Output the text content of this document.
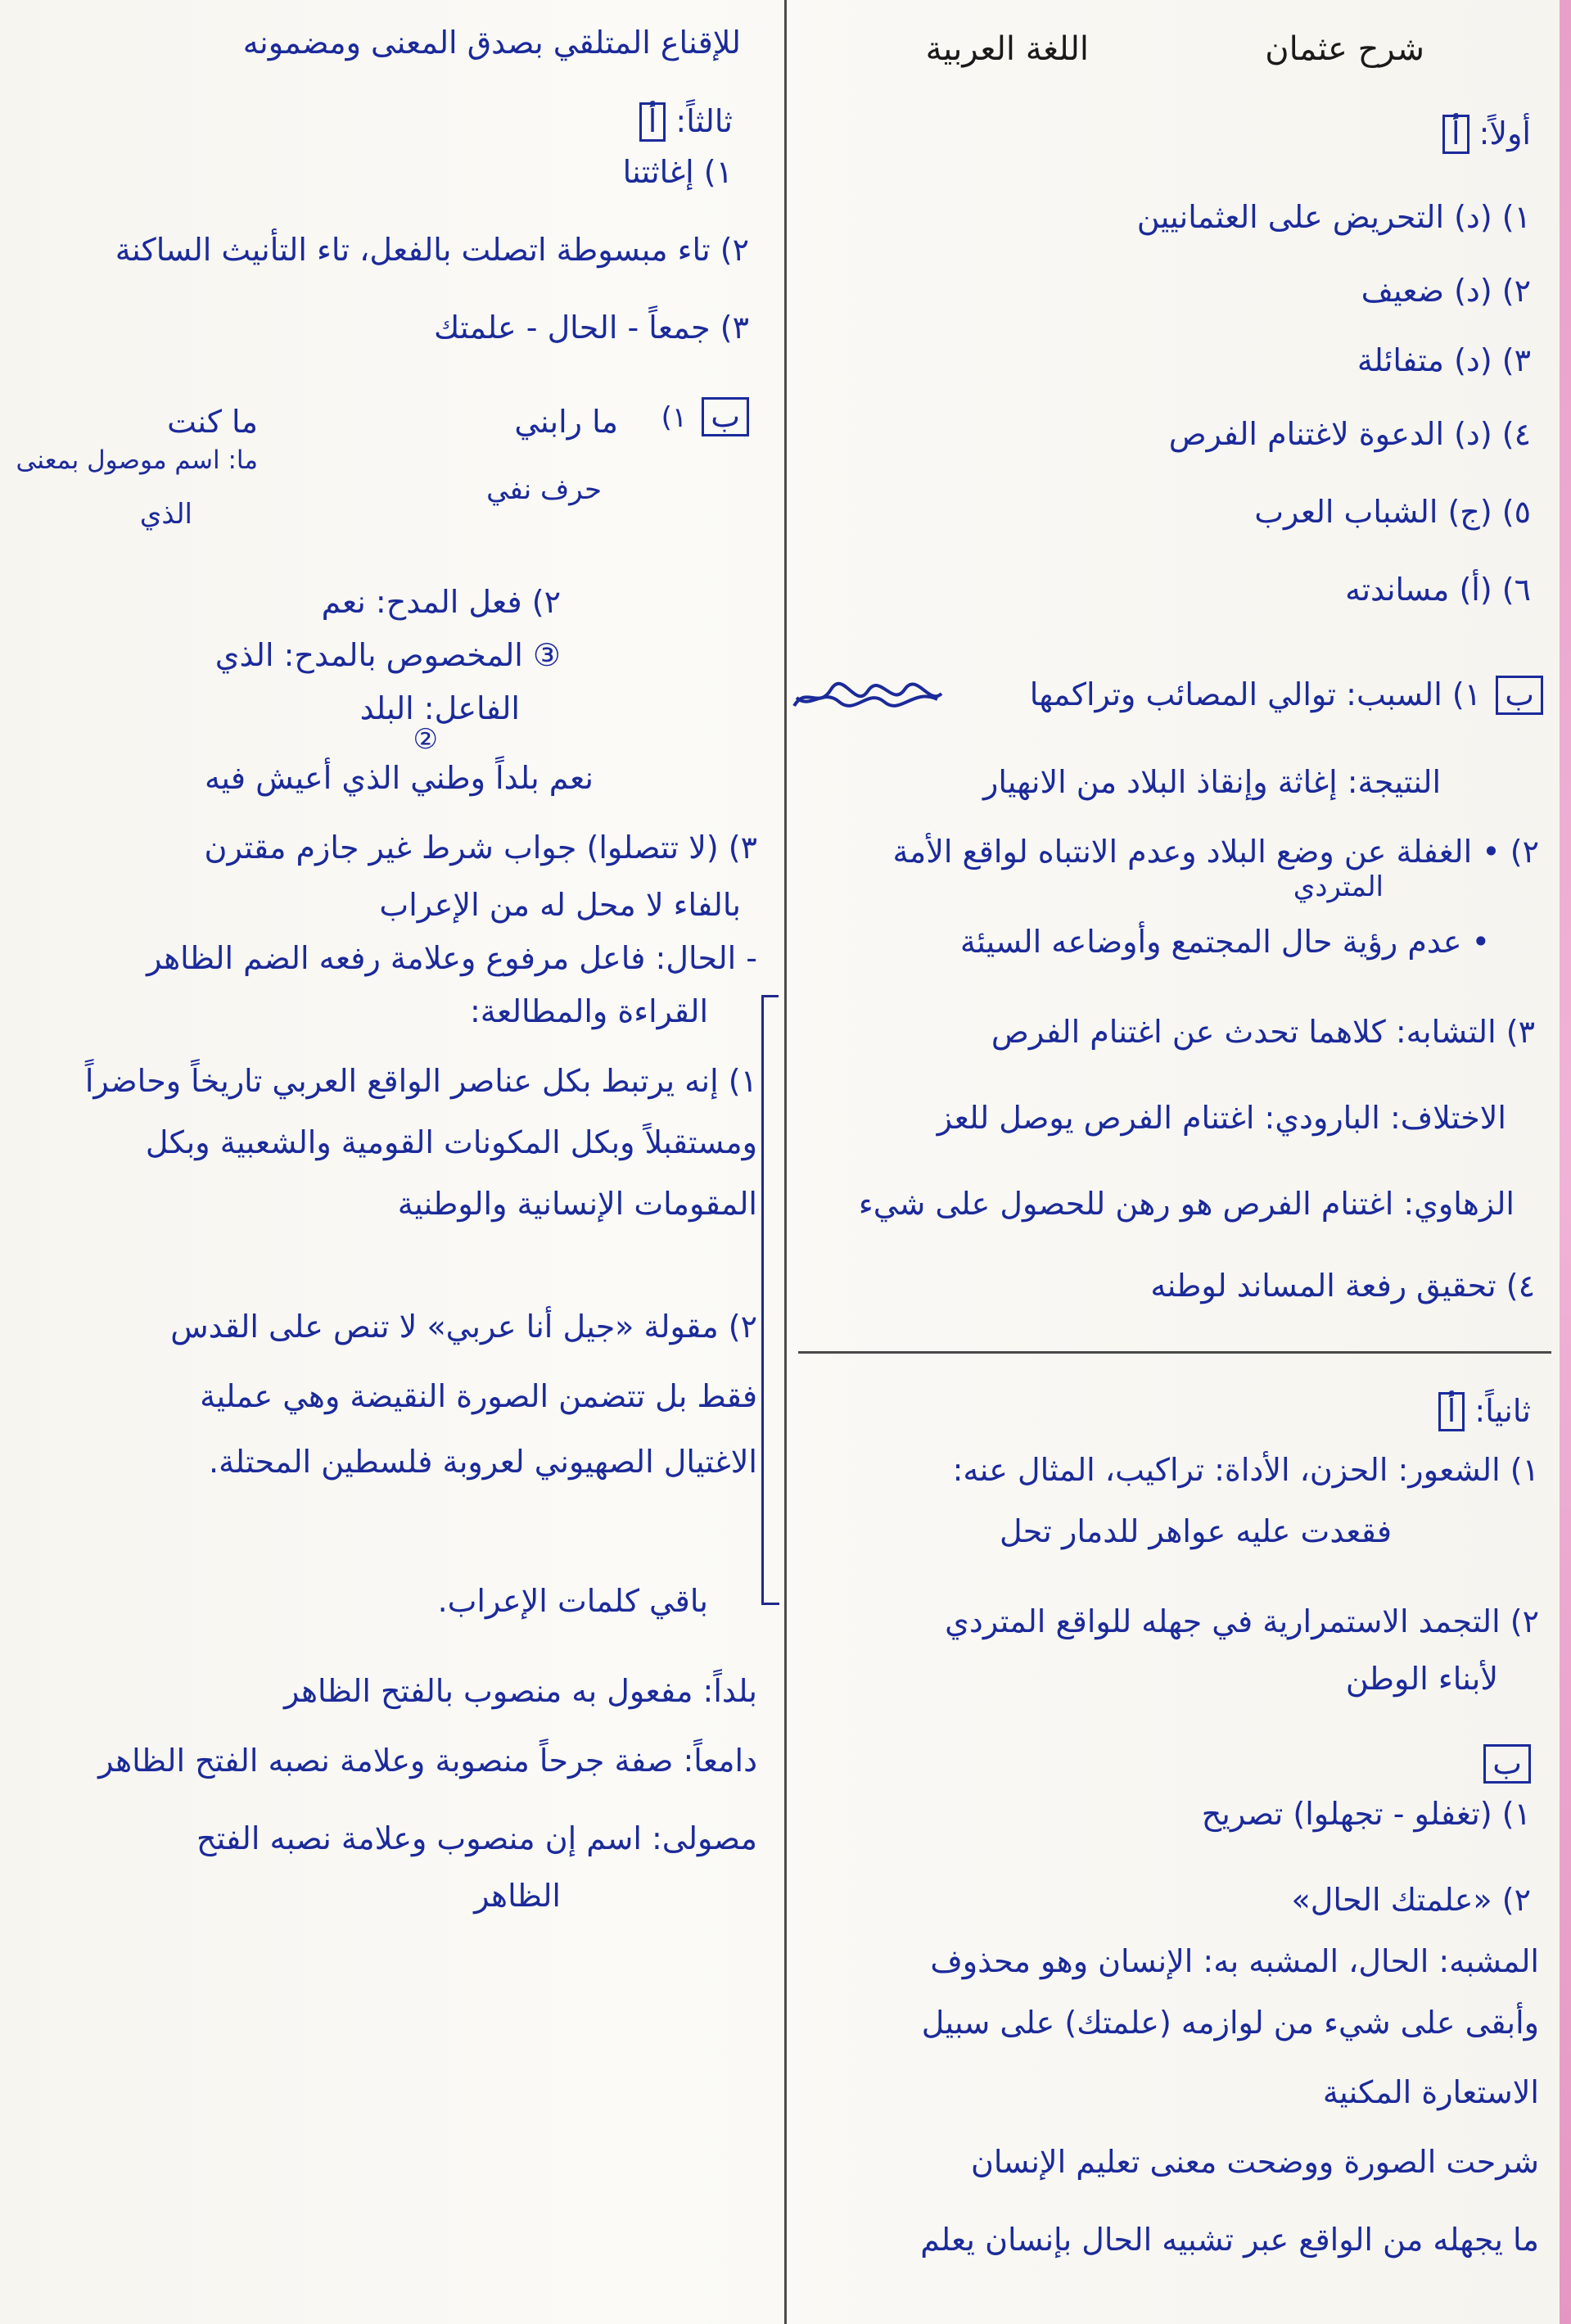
شرح عثمان
اللغة العربية
أولاً: أ
١) (د) التحريض على العثمانيين
٢) (د) ضعيف
٣) (د) متفائلة
٤) (د) الدعوة لاغتنام الفرص
٥) (ج) الشباب العرب
٦) (أ) مساندته
ب ١) السبب: توالي المصائب وتراكمها
النتيجة: إغاثة وإنقاذ البلاد من الانهيار
٢) • الغفلة عن وضع البلاد وعدم الانتباه لواقع الأمة
المتردي
• عدم رؤية حال المجتمع وأوضاعه السيئة
٣) التشابه: كلاهما تحدث عن اغتنام الفرص
الاختلاف: البارودي: اغتنام الفرص يوصل للعز
الزهاوي: اغتنام الفرص هو رهن للحصول على شيء
٤) تحقيق رفعة المساند لوطنه
ثانياً: أ
١) الشعور: الحزن، الأداة: تراكيب، المثال عنه:
فقعدت عليه عواهر للدمار تحل
٢) التجمد الاستمرارية في جهله للواقع المتردي
لأبناء الوطن
ب
١) (تغفلو - تجهلوا) تصريح
٢) «علمتك الحال»
المشبه: الحال، المشبه به: الإنسان وهو محذوف
وأبقى على شيء من لوازمه (علمتك) على سبيل
الاستعارة المكنية
شرحت الصورة ووضحت معنى تعليم الإنسان
ما يجهله من الواقع عبر تشبيه الحال بإنسان يعلم
للإقناع المتلقي بصدق المعنى ومضمونه
ثالثاً: أ
١) إغاثتنا
٢) تاء مبسوطة اتصلت بالفعل، تاء التأنيث الساكنة
٣) جمعاً - الحال - علمتك
ب ١)
ما رابني
حرف نفي
ما كنت
ما: اسم موصول بمعنى
الذي
٢) فعل المدح: نعم
③ المخصوص بالمدح: الذي
الفاعل: البلد
②
نعم بلداً وطني الذي أعيش فيه
٣) (لا تتصلوا) جواب شرط غير جازم مقترن
بالفاء لا محل له من الإعراب
- الحال: فاعل مرفوع وعلامة رفعه الضم الظاهر
القراءة والمطالعة:
١) إنه يرتبط بكل عناصر الواقع العربي تاريخاً وحاضراً
ومستقبلاً وبكل المكونات القومية والشعبية وبكل
المقومات الإنسانية والوطنية
٢) مقولة «جيل أنا عربي» لا تنص على القدس
فقط بل تتضمن الصورة النقيضة وهي عملية
الاغتيال الصهيوني لعروبة فلسطين المحتلة.
باقي كلمات الإعراب.
بلداً: مفعول به منصوب بالفتح الظاهر
دامعاً: صفة جرحاً منصوبة وعلامة نصبه الفتح الظاهر
مصولى: اسم إن منصوب وعلامة نصبه الفتح
الظاهر
